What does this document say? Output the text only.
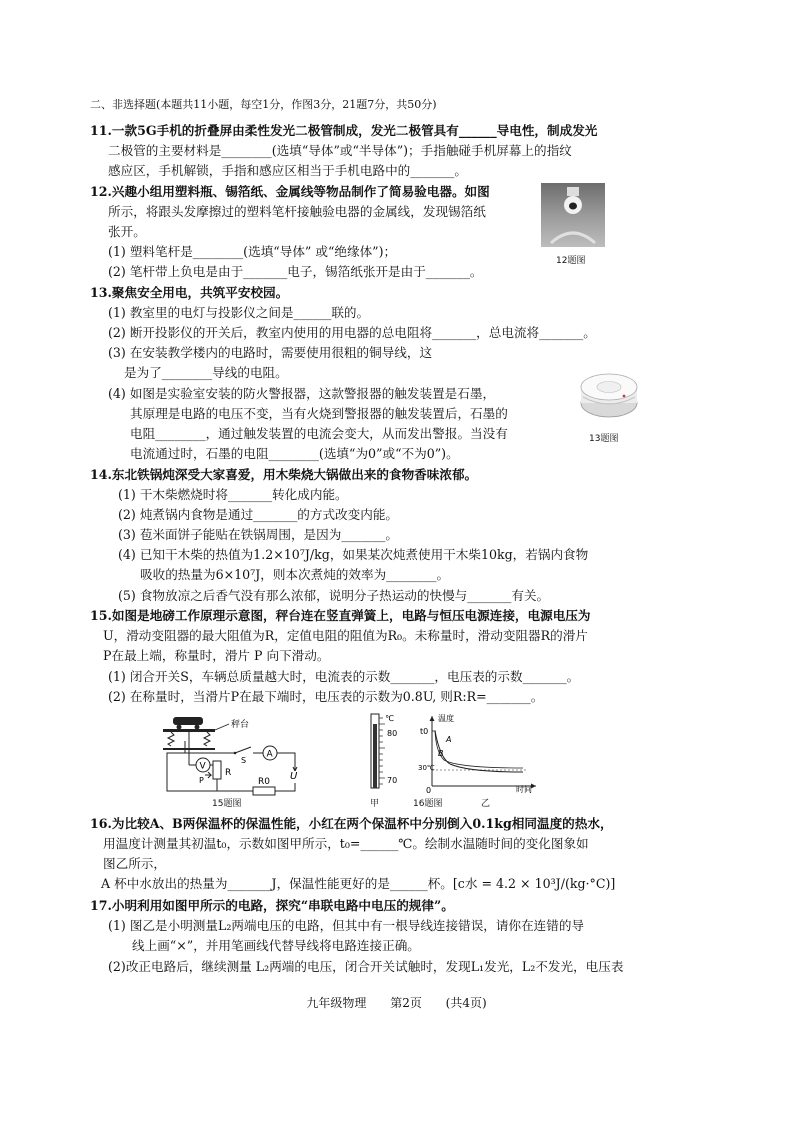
二、非选择题(本题共11小题，每空1分，作图3分，21题7分，共50分)
11.一款5G手机的折叠屏由柔性发光二极管制成，发光二极管具有______导电性，制成发光
二极管的主要材料是________(选填“导体”或“半导体”)；手指触碰手机屏幕上的指纹
感应区，手机解锁，手指和感应区相当于手机电路中的_______。
12.兴趣小组用塑料瓶、锡箔纸、金属线等物品制作了简易验电器。如图
所示，将跟头发摩擦过的塑料笔杆接触验电器的金属线，发现锡箔纸
张开。
(1) 塑料笔杆是________(选填“导体” 或“绝缘体”)；
(2) 笔杆带上负电是由于_______电子，锡箔纸张开是由于_______。
12题图
13.聚焦安全用电，共筑平安校园。
(1) 教室里的电灯与投影仪之间是______联的。
(2) 断开投影仪的开关后，教室内使用的用电器的总电阻将_______，总电流将_______。
(3) 在安装教学楼内的电路时，需要使用很粗的铜导线，这
是为了________导线的电阻。
(4) 如图是实验室安装的防火警报器，这款警报器的触发装置是石墨，
其原理是电路的电压不变，当有火烧到警报器的触发装置后，石墨的
电阻________，通过触发装置的电流会变大，从而发出警报。当没有
电流通过时，石墨的电阻________(选填“为0”或“不为0”)。
13题图
14.东北铁锅炖深受大家喜爱，用木柴烧大锅做出来的食物香味浓郁。
(1) 干木柴燃烧时将_______转化成内能。
(2) 炖煮锅内食物是通过_______的方式改变内能。
(3) 苞米面饼子能贴在铁锅周围，是因为_______。
(4) 已知干木柴的热值为1.2×10⁷J/kg，如果某次炖煮使用干木柴10kg，若锅内食物
吸收的热量为6×10⁷J，则本次煮炖的效率为________。
(5) 食物放凉之后香气没有那么浓郁，说明分子热运动的快慢与_______有关。
15.如图是地磅工作原理示意图，秤台连在竖直弹簧上，电路与恒压电源连接，电源电压为
U，滑动变阻器的最大阻值为R，定值电阻的阻值为R₀。未称量时，滑动变阻器R的滑片
P在最上端，称量时，滑片 P 向下滑动。
(1) 闭合开关S，车辆总质量越大时，电流表的示数_______，电压表的示数_______。
(2) 在称量时，当滑片P在最下端时，电压表的示数为0.8U, 则R:R=_______。
秤台
V
R
P
S
A
U
R0
15题图
℃
80
70
甲	16题图
温度
t0
A
B
30℃
0	时间
乙
16.为比较A、B两保温杯的保温性能，小红在两个保温杯中分别倒入0.1kg相同温度的热水，
用温度计测量其初温t₀，示数如图甲所示，t₀=______℃。绘制水温随时间的变化图象如
图乙所示，
A 杯中水放出的热量为_______J，保温性能更好的是______杯。[c水 = 4.2 × 10³J/(kg·°C)]
17.小明利用如图甲所示的电路，探究“串联电路中电压的规律”。
(1) 图乙是小明测量L₂两端电压的电路，但其中有一根导线连接错误，请你在连错的导
线上画“×”，并用笔画线代替导线将电路连接正确。
(2)改正电路后，继续测量 L₂两端的电压，闭合开关试触时，发现L₁发光，L₂不发光，电压表
九年级物理 第2页 (共4页)
